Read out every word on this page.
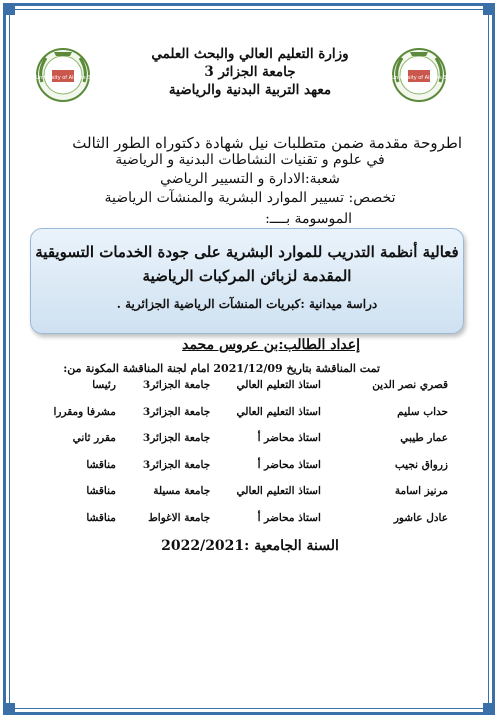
University of Algiers 3	University of Algiers 3
وزارة التعليم العالي والبحث العلمي
جامعة الجزائر 3
معهد التربية البدنية والرياضية
اطروحة مقدمة ضمن متطلبات نيل شهادة دكتوراه الطور الثالث
في علوم و تقنيات النشاطات البدنية و الرياضية
شعبة:الادارة و التسيير الرياضي
تخصص: تسيير الموارد البشرية والمنشآت الرياضية
الموسومة بــــ:
فعالية أنظمة التدريب للموارد البشرية على جودة الخدمات التسويقية
المقدمة لزبائن المركبات الرياضية
دراسة ميدانية :كبريات المنشآت الرياضية الجزائرية .
إعداد الطالب:بن عروس محمد
تمت المناقشة بتاريخ 2021/12/09 امام لجنة المناقشة المكونة من:
قصري نصر الدين	استاذ التعليم العالي	جامعة الجزائر3	رئيسا
حداب سليم	استاذ التعليم العالي	جامعة الجزائر3	مشرفا ومقررا
عمار طيبي	استاذ محاضر أ	جامعة الجزائر3	مقرر ثاني
زرواق نجيب	استاذ محاضر أ	جامعة الجزائر3	مناقشا
مرنيز اسامة	استاذ التعليم العالي	جامعة مسيلة	مناقشا
عادل عاشور	استاذ محاضر أ	جامعة الاغواط	مناقشا
السنة الجامعية :2022/2021
